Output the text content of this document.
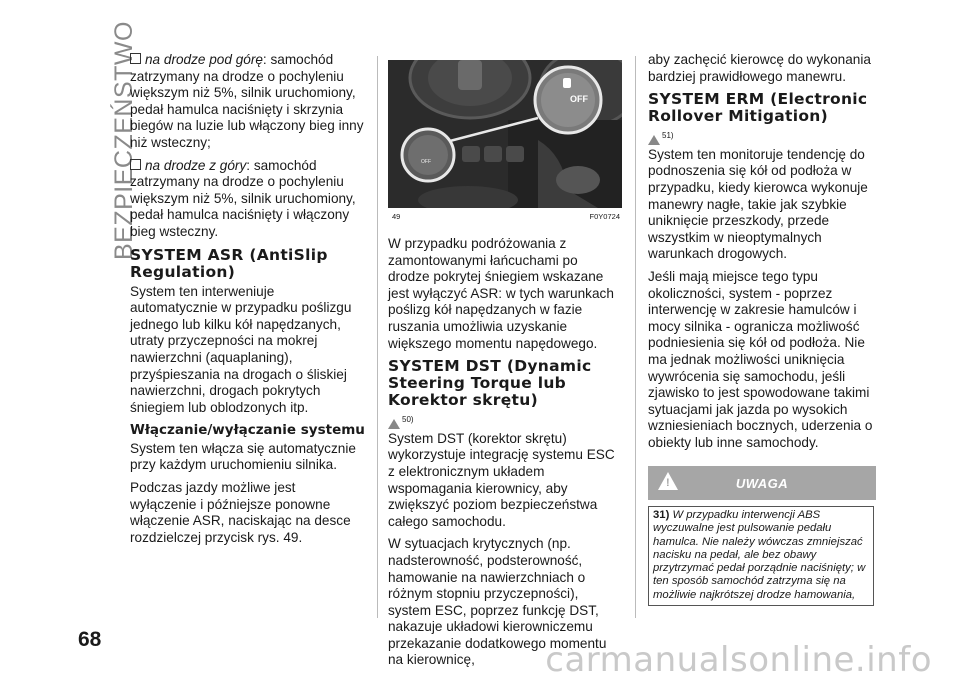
BEZPIECZEŃSTWO
68

na drodze pod górę: samochód zatrzymany na drodze o pochyleniu większym niż 5%, silnik uruchomiony, pedał hamulca naciśnięty i skrzynia biegów na luzie lub włączony bieg inny niż wsteczny;

na drodze z góry: samochód zatrzymany na drodze o pochyleniu większym niż 5%, silnik uruchomiony, pedał hamulca naciśnięty i włączony bieg wsteczny.

SYSTEM ASR (AntiSlip Regulation)

System ten interweniuje automatycznie w przypadku poślizgu jednego lub kilku kół napędzanych, utraty przyczepności na mokrej nawierzchni (aquaplaning), przyśpieszania na drogach o śliskiej nawierzchni, drogach pokrytych śniegiem lub oblodzonych itp.

Włączanie/wyłączanie systemu

System ten włącza się automatycznie przy każdym uruchomieniu silnika.

Podczas jazdy możliwe jest wyłączenie i późniejsze ponowne włączenie ASR, naciskając na desce rozdzielczej przycisk rys. 49.

OFF
OFF
49	F0Y0724

W przypadku podróżowania z zamontowanymi łańcuchami po drodze pokrytej śniegiem wskazane jest wyłączyć ASR: w tych warunkach poślizg kół napędzanych w fazie ruszania umożliwia uzyskanie większego momentu napędowego.

SYSTEM DST (Dynamic Steering Torque lub Korektor skrętu)
50)

System DST (korektor skrętu) wykorzystuje integrację systemu ESC z elektronicznym układem wspomagania kierownicy, aby zwiększyć poziom bezpieczeństwa całego samochodu.

W sytuacjach krytycznych (np. nadsterowność, podsterowność, hamowanie na nawierzchniach o różnym stopniu przyczepności), system ESC, poprzez funkcję DST, nakazuje układowi kierowniczemu przekazanie dodatkowego momentu na kierownicę,

aby zachęcić kierowcę do wykonania bardziej prawidłowego manewru.

SYSTEM ERM (Electronic Rollover Mitigation)
51)

System ten monitoruje tendencję do podnoszenia się kół od podłoża w przypadku, kiedy kierowca wykonuje manewry nagłe, takie jak szybkie uniknięcie przeszkody, przede wszystkim w nieoptymalnych warunkach drogowych.

Jeśli mają miejsce tego typu okoliczności, system - poprzez interwencję w zakresie hamulców i mocy silnika - ogranicza możliwość podniesienia się kół od podłoża. Nie ma jednak możliwości uniknięcia wywrócenia się samochodu, jeśli zjawisko to jest spowodowane takimi sytuacjami jak jazda po wysokich wzniesieniach bocznych, uderzenia o obiekty lub inne samochody.

!	UWAGA
31) W przypadku interwencji ABS wyczuwalne jest pulsowanie pedału hamulca. Nie należy wówczas zmniejszać nacisku na pedał, ale bez obawy przytrzymać pedał porządnie naciśnięty; w ten sposób samochód zatrzyma się na możliwie najkrótszej drodze hamowania,
carmanualsonline.info
